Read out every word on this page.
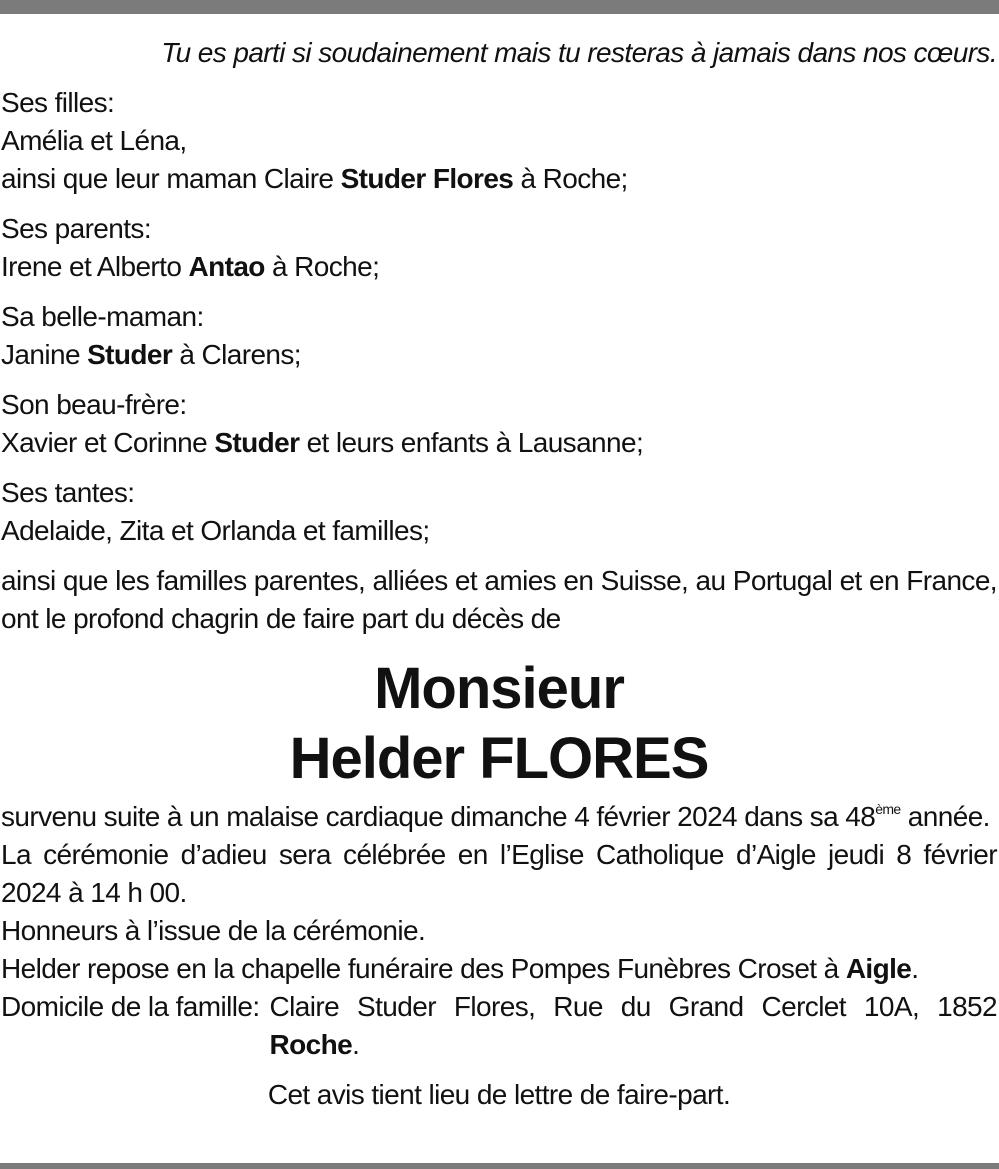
Tu es parti si soudainement mais tu resteras à jamais dans nos cœurs.

Ses filles:
Amélia et Léna,
ainsi que leur maman Claire Studer Flores à Roche;
Ses parents:
Irene et Alberto Antao à Roche;
Sa belle-maman:
Janine Studer à Clarens;
Son beau-frère:
Xavier et Corinne Studer et leurs enfants à Lausanne;
Ses tantes:
Adelaide, Zita et Orlanda et familles;

ainsi que les familles parentes, alliées et amies en Suisse, au Portugal et en France, ont le profond chagrin de faire part du décès de

Monsieur
Helder FLORES
survenu suite à un malaise cardiaque dimanche 4 février 2024 dans sa 48ème année.
La cérémonie d’adieu sera célébrée en l’Eglise Catholique d’Aigle jeudi 8 février 2024 à 14 h 00.
Honneurs à l’issue de la cérémonie.
Helder repose en la chapelle funéraire des Pompes Funèbres Croset à Aigle.
Domicile de la famille: Claire Studer Flores, Rue du Grand Cerclet 10A, 1852 Roche.
Cet avis tient lieu de lettre de faire-part.
